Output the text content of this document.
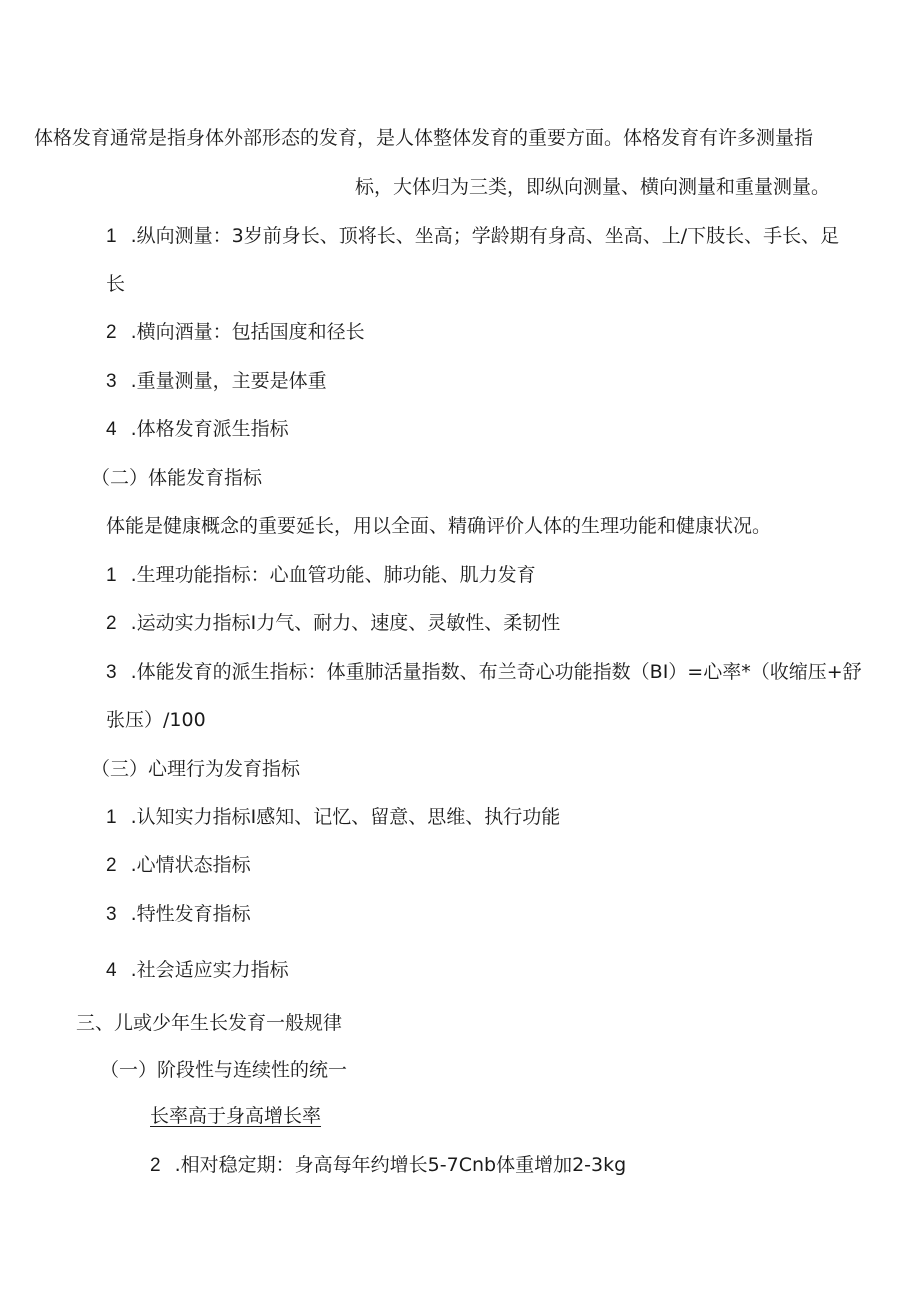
体格发育通常是指身体外部形态的发育，是人体整体发育的重要方面。体格发育有许多测量指
标，大体归为三类，即纵向测量、横向测量和重量测量。
1 .纵向测量：3岁前身长、顶将长、坐高；学龄期有身高、坐高、上/下肢长、手长、足
长
2 .横向酒量：包括国度和径长
3 .重量测量，主要是体重
4 .体格发育派生指标
（二）体能发育指标
体能是健康概念的重要延长，用以全面、精确评价人体的生理功能和健康状况。
1 .生理功能指标：心血管功能、肺功能、肌力发育
2 .运动实力指标I力气、耐力、速度、灵敏性、柔韧性
3 .体能发育的派生指标：体重肺活量指数、布兰奇心功能指数（BI）=心率*（收缩压+舒
张压）/100
（三）心理行为发育指标
1 .认知实力指标I感知、记忆、留意、思维、执行功能
2 .心情状态指标
3 .特性发育指标
4 .社会适应实力指标
三、儿或少年生长发育一般规律
（一）阶段性与连续性的统一
长率高于身高增长率
2 .相对稳定期：身高每年约增长5-7Cnb体重增加2-3kg
